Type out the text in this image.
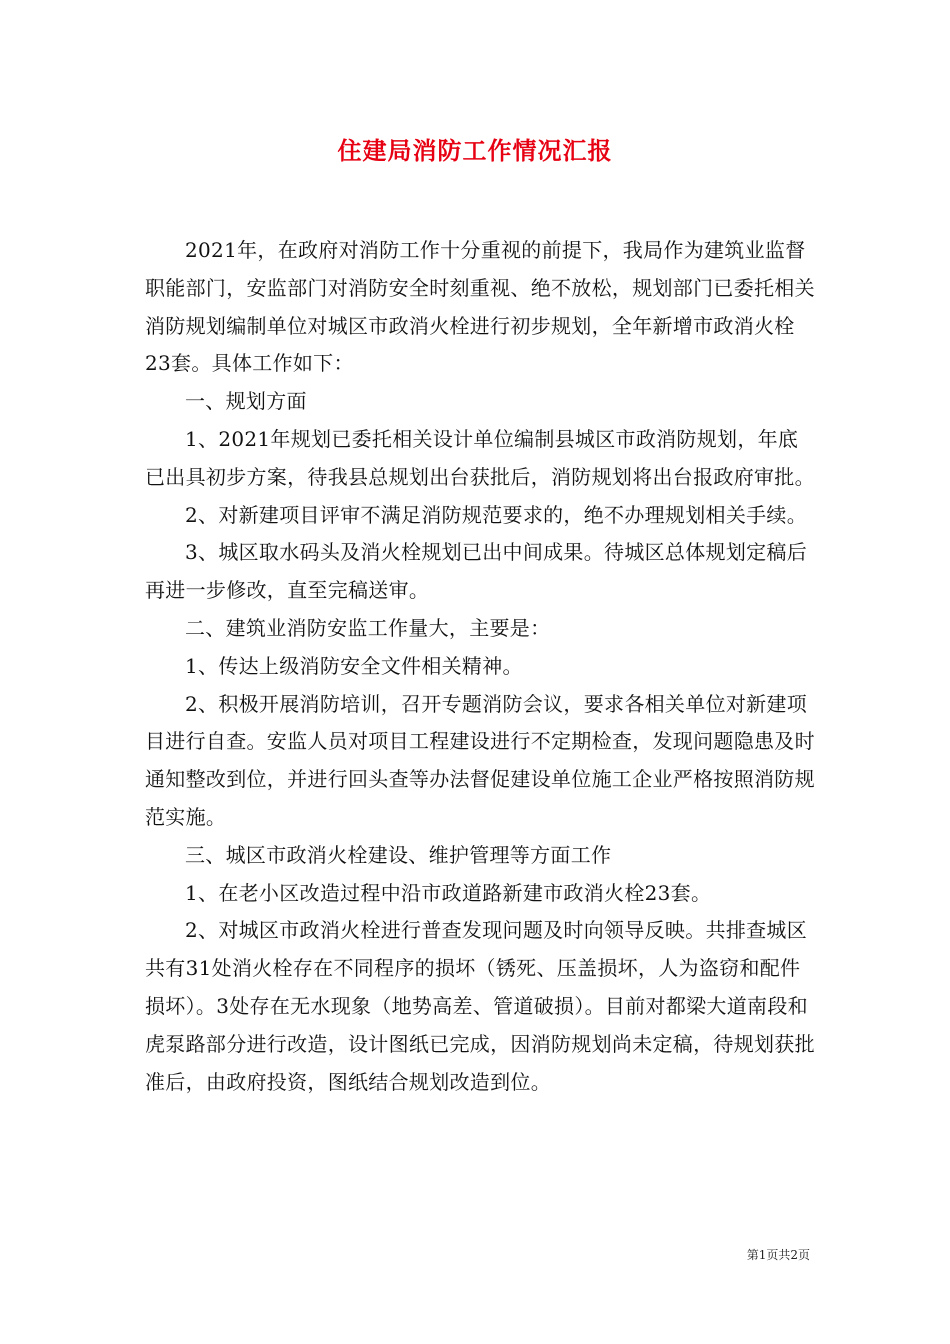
住建局消防工作情况汇报

2021年，在政府对消防工作十分重视的前提下，我局作为建筑业监督职能部门，安监部门对消防安全时刻重视、绝不放松，规划部门已委托相关消防规划编制单位对城区市政消火栓进行初步规划，全年新增市政消火栓23套。具体工作如下：

一、规划方面

1、2021年规划已委托相关设计单位编制县城区市政消防规划，年底已出具初步方案，待我县总规划出台获批后，消防规划将出台报政府审批。

2、对新建项目评审不满足消防规范要求的，绝不办理规划相关手续。

3、城区取水码头及消火栓规划已出中间成果。待城区总体规划定稿后再进一步修改，直至完稿送审。

二、建筑业消防安监工作量大，主要是：

1、传达上级消防安全文件相关精神。

2、积极开展消防培训，召开专题消防会议，要求各相关单位对新建项目进行自查。安监人员对项目工程建设进行不定期检查，发现问题隐患及时通知整改到位，并进行回头查等办法督促建设单位施工企业严格按照消防规范实施。

三、城区市政消火栓建设、维护管理等方面工作

1、在老小区改造过程中沿市政道路新建市政消火栓23套。

2、对城区市政消火栓进行普查发现问题及时向领导反映。共排查城区共有31处消火栓存在不同程序的损坏（锈死、压盖损坏，人为盗窃和配件损坏）。3处存在无水现象（地势高差、管道破损）。目前对都梁大道南段和虎泵路部分进行改造，设计图纸已完成，因消防规划尚未定稿，待规划获批准后，由政府投资，图纸结合规划改造到位。

第1页共2页
